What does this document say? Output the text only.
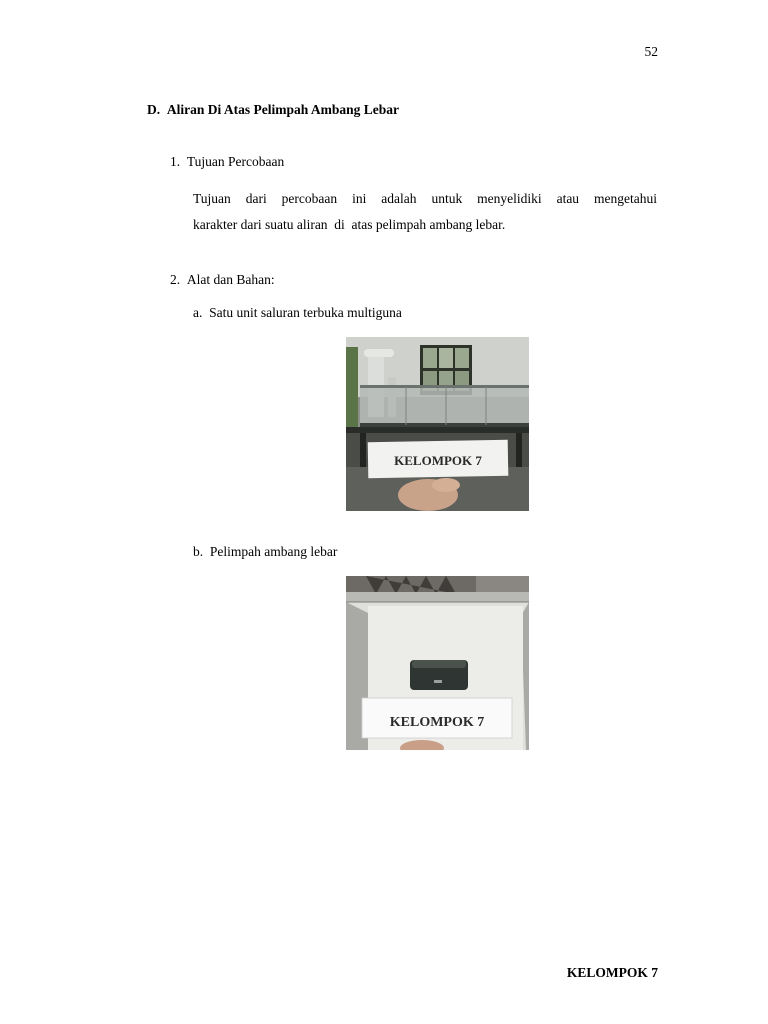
52
D. Aliran Di Atas Pelimpah Ambang Lebar
1. Tujuan Percobaan
Tujuan dari percobaan ini adalah untuk menyelidiki atau mengetahui
karakter dari suatu aliran  di  atas pelimpah ambang lebar.
2. Alat dan Bahan:
a. Satu unit saluran terbuka multiguna
KELOMPOK 7
b. Pelimpah ambang lebar
KELOMPOK 7
KELOMPOK 7
